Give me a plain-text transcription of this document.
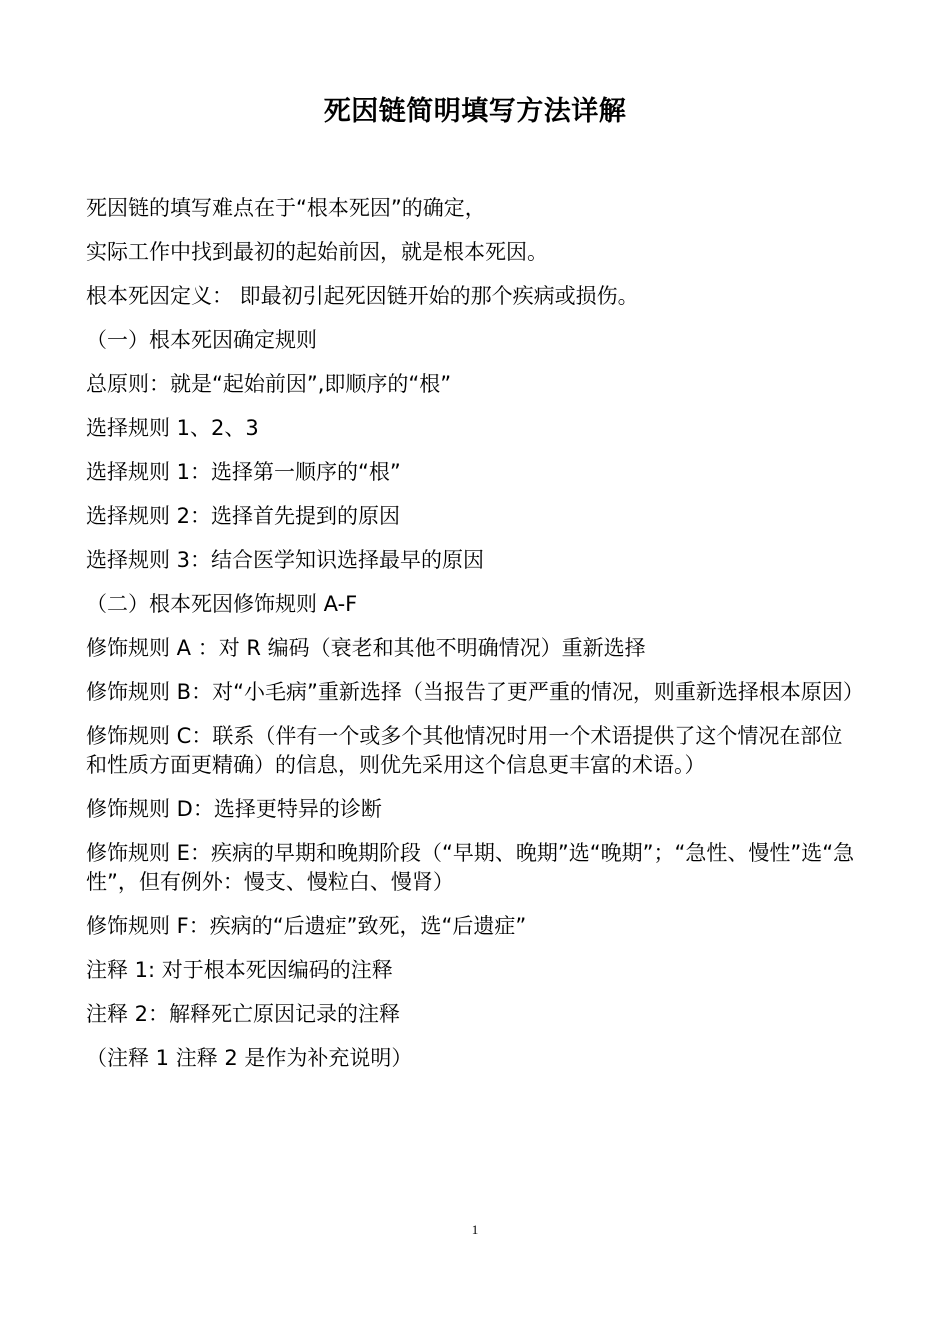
死因链简明填写方法详解

死因链的填写难点在于“根本死因”的确定，

实际工作中找到最初的起始前因，就是根本死因。

根本死因定义： 即最初引起死因链开始的那个疾病或损伤。

（一）根本死因确定规则

总原则：就是“起始前因”,即顺序的“根”

选择规则 1、2、3

选择规则 1：选择第一顺序的“根”

选择规则 2：选择首先提到的原因

选择规则 3：结合医学知识选择最早的原因

（二）根本死因修饰规则 A-F

修饰规则 A ：对 R 编码（衰老和其他不明确情况）重新选择

修饰规则 B：对“小毛病”重新选择（当报告了更严重的情况，则重新选择根本原因）

修饰规则 C：联系（伴有一个或多个其他情况时用一个术语提供了这个情况在部位和性质方面更精确）的信息，则优先采用这个信息更丰富的术语。）

修饰规则 D：选择更特异的诊断

修饰规则 E：疾病的早期和晚期阶段（“早期、晚期”选“晚期”；“急性、慢性”选“急性”，但有例外：慢支、慢粒白、慢肾）

修饰规则 F：疾病的“后遗症”致死，选“后遗症”

注释 1: 对于根本死因编码的注释

注释 2：解释死亡原因记录的注释

（注释 1 注释 2 是作为补充说明）

1
